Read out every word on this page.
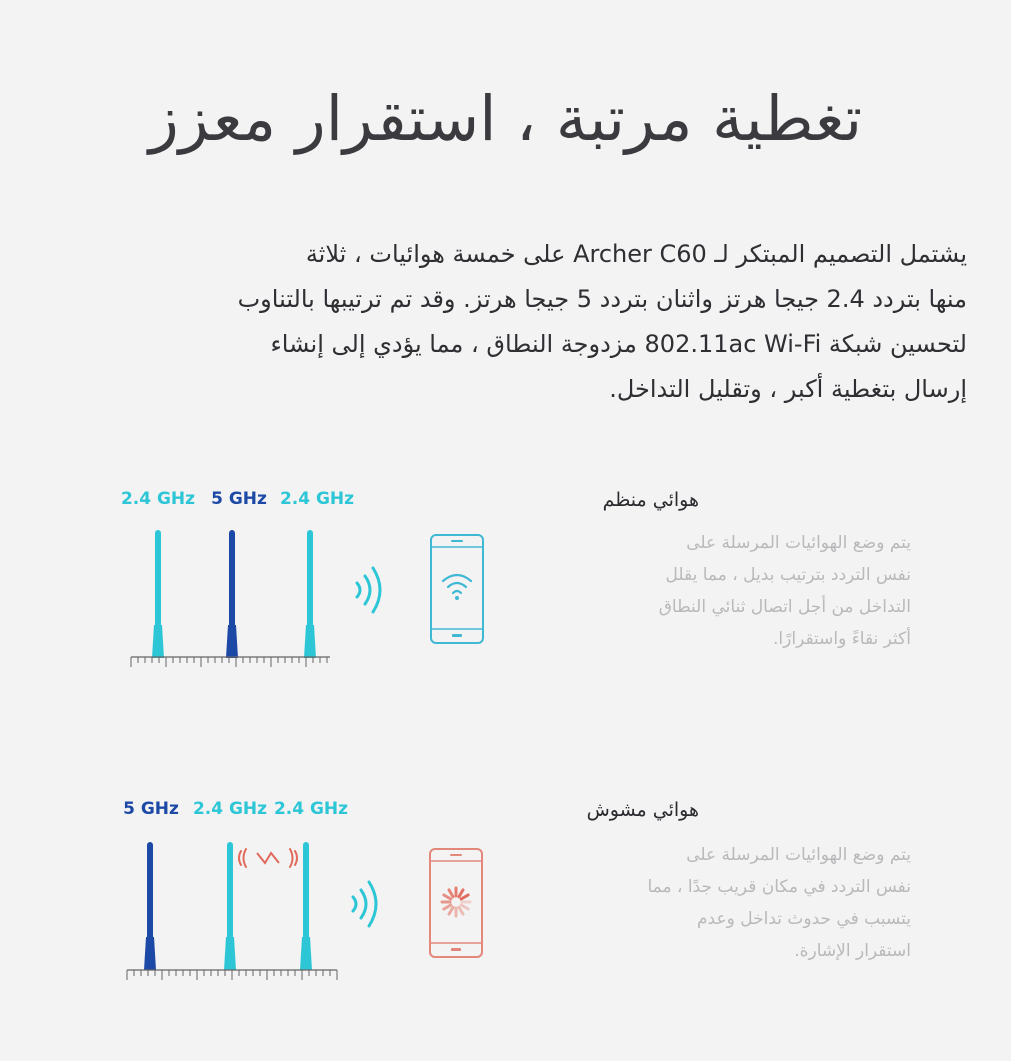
تغطية مرتبة ، استقرار معزز

يشتمل التصميم المبتكر لـ Archer C60 على خمسة هوائيات ، ثلاثة

منها بتردد 2.4 جيجا هرتز واثنان بتردد 5 جيجا هرتز. وقد تم ترتيبها بالتناوب

لتحسين شبكة 802.11ac Wi-Fi مزدوجة النطاق ، مما يؤدي إلى إنشاء

إرسال بتغطية أكبر ، وتقليل التداخل.

2.4 GHz 5 GHz 2.4 GHz	هوائي منظم

يتم وضع الهوائيات المرسلة على

نفس التردد بترتيب بديل ، مما يقلل

التداخل من أجل اتصال ثنائي النطاق

أكثر نقاءً واستقرارًا.

5 GHz 2.4 GHz 2.4 GHz	هوائي مشوش

يتم وضع الهوائيات المرسلة على

نفس التردد في مكان قريب جدًا ، مما

يتسبب في حدوث تداخل وعدم

استقرار الإشارة.
